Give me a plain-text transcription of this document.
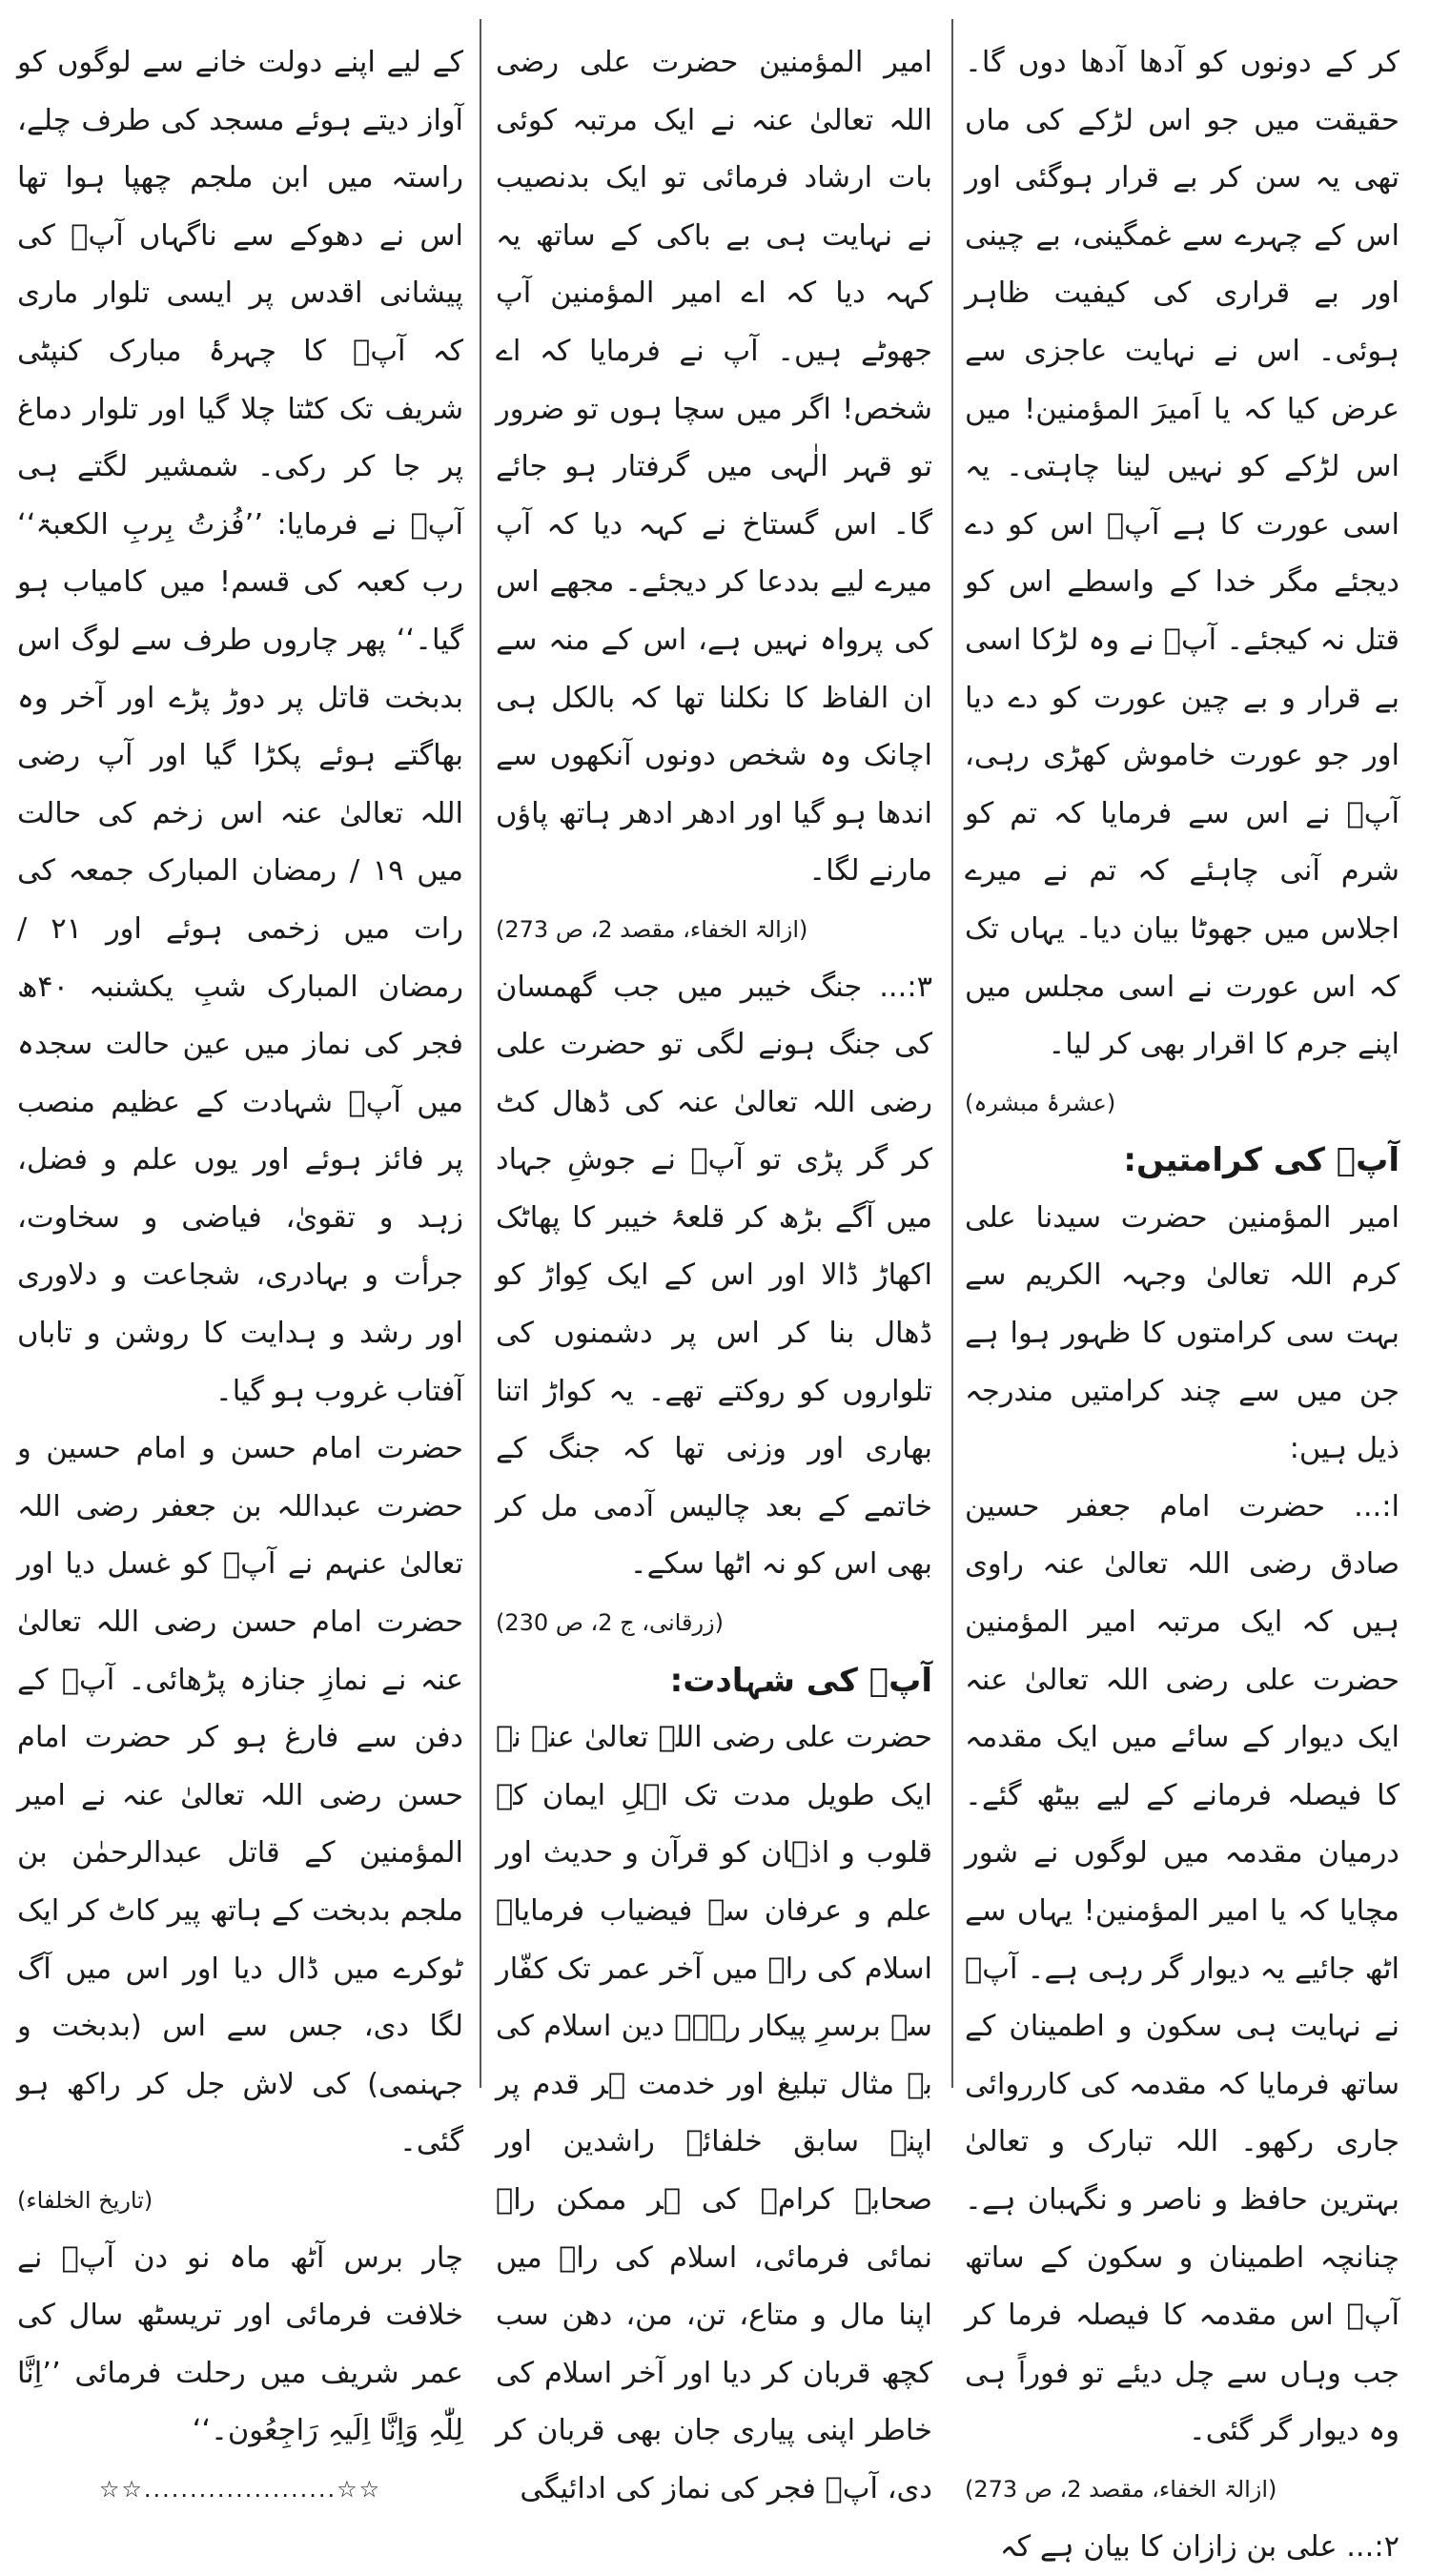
کر کے دونوں کو آدھا آدھا دوں گا۔ حقیقت میں جو اس لڑکے کی ماں تھی یہ سن کر بے قرار ہوگئی اور اس کے چہرے سے غمگینی، بے چینی اور بے قراری کی کیفیت ظاہر ہوئی۔ اس نے نہایت عاجزی سے عرض کیا کہ یا اَمیرَ المؤمنین! میں اس لڑکے کو نہیں لینا چاہتی۔ یہ اسی عورت کا ہے آپؓ اس کو دے دیجئے مگر خدا کے واسطے اس کو قتل نہ کیجئے۔ آپؓ نے وہ لڑکا اسی بے قرار و بے چین عورت کو دے دیا اور جو عورت خاموش کھڑی رہی، آپؓ نے اس سے فرمایا کہ تم کو شرم آنی چاہئے کہ تم نے میرے اجلاس میں جھوٹا بیان دیا۔ یہاں تک کہ اس عورت نے اسی مجلس میں اپنے جرم کا اقرار بھی کر لیا۔

(عشرۂ مبشرہ)

آپؓ کی کرامتیں:

امیر المؤمنین حضرت سیدنا علی کرم اللہ تعالیٰ وجہہ الکریم سے بہت سی کرامتوں کا ظہور ہوا ہے جن میں سے چند کرامتیں مندرجہ ذیل ہیں:

ا:... حضرت امام جعفر حسین صادق رضی اللہ تعالیٰ عنہ راوی ہیں کہ ایک مرتبہ امیر المؤمنین حضرت علی رضی اللہ تعالیٰ عنہ ایک دیوار کے سائے میں ایک مقدمہ کا فیصلہ فرمانے کے لیے بیٹھ گئے۔ درمیان مقدمہ میں لوگوں نے شور مچایا کہ یا امیر المؤمنین! یہاں سے اٹھ جائیے یہ دیوار گر رہی ہے۔ آپؓ نے نہایت ہی سکون و اطمینان کے ساتھ فرمایا کہ مقدمہ کی کارروائی جاری رکھو۔ اللہ تبارک و تعالیٰ بہترین حافظ و ناصر و نگہبان ہے۔ چنانچہ اطمینان و سکون کے ساتھ آپؓ اس مقدمہ کا فیصلہ فرما کر جب وہاں سے چل دیئے تو فوراً ہی وہ دیوار گر گئی۔

(ازالۃ الخفاء، مقصد 2، ص 273)

۲:... علی بن زازان کا بیان ہے کہ

امیر المؤمنین حضرت علی رضی اللہ تعالیٰ عنہ نے ایک مرتبہ کوئی بات ارشاد فرمائی تو ایک بدنصیب نے نہایت ہی بے باکی کے ساتھ یہ کہہ دیا کہ اے امیر المؤمنین آپ جھوٹے ہیں۔ آپ نے فرمایا کہ اے شخص! اگر میں سچا ہوں تو ضرور تو قہر الٰہی میں گرفتار ہو جائے گا۔ اس گستاخ نے کہہ دیا کہ آپ میرے لیے بددعا کر دیجئے۔ مجھے اس کی پرواہ نہیں ہے، اس کے منہ سے ان الفاظ کا نکلنا تھا کہ بالکل ہی اچانک وہ شخص دونوں آنکھوں سے اندھا ہو گیا اور ادھر ادھر ہاتھ پاؤں مارنے لگا۔

(ازالۃ الخفاء، مقصد 2، ص 273)

۳:... جنگ خیبر میں جب گھمسان کی جنگ ہونے لگی تو حضرت علی رضی اللہ تعالیٰ عنہ کی ڈھال کٹ کر گر پڑی تو آپؓ نے جوشِ جہاد میں آگے بڑھ کر قلعۂ خیبر کا پھاٹک اکھاڑ ڈالا اور اس کے ایک کِواڑ کو ڈھال بنا کر اس پر دشمنوں کی تلواروں کو روکتے تھے۔ یہ کواڑ اتنا بھاری اور وزنی تھا کہ جنگ کے خاتمے کے بعد چالیس آدمی مل کر بھی اس کو نہ اٹھا سکے۔

(زرقانی، ج 2، ص 230)

آپؓ کی شہادت:

حضرت علی رضی اللہ تعالیٰ عنہ نے ایک طویل مدت تک اہلِ ایمان کے قلوب و اذہان کو قرآن و حدیث اور علم و عرفان سے فیضیاب فرمایا۔ اسلام کی راہ میں آخر عمر تک کفّار سے برسرِ پیکار رہے۔ دین اسلام کی بے مثال تبلیغ اور خدمت ہر قدم پر اپنے سابق خلفائے راشدین اور صحابہ کرامؓ کی ہر ممکن راہ نمائی فرمائی، اسلام کی راہ میں اپنا مال و متاع، تن، من، دھن سب کچھ قربان کر دیا اور آخر اسلام کی خاطر اپنی پیاری جان بھی قربان کر دی، آپؓ فجر کی نماز کی ادائیگی

کے لیے اپنے دولت خانے سے لوگوں کو آواز دیتے ہوئے مسجد کی طرف چلے، راستہ میں ابن ملجم چھپا ہوا تھا اس نے دھوکے سے ناگہاں آپؓ کی پیشانی اقدس پر ایسی تلوار ماری کہ آپؓ کا چہرۂ مبارک کنپٹی شریف تک کٹتا چلا گیا اور تلوار دماغ پر جا کر رکی۔ شمشیر لگتے ہی آپؓ نے فرمایا: ’’فُزتُ بِربِ الکعبۃ‘‘ رب کعبہ کی قسم! میں کامیاب ہو گیا۔‘‘ پھر چاروں طرف سے لوگ اس بدبخت قاتل پر دوڑ پڑے اور آخر وہ بھاگتے ہوئے پکڑا گیا اور آپ رضی اللہ تعالیٰ عنہ اس زخم کی حالت میں ۱۹ / رمضان المبارک جمعہ کی رات میں زخمی ہوئے اور ۲۱ / رمضان المبارک شبِ یکشنبہ ۴۰ھ فجر کی نماز میں عین حالت سجدہ میں آپؓ شہادت کے عظیم منصب پر فائز ہوئے اور یوں علم و فضل، زہد و تقویٰ، فیاضی و سخاوت، جرأت و بہادری، شجاعت و دلاوری اور رشد و ہدایت کا روشن و تاباں آفتاب غروب ہو گیا۔

حضرت امام حسن و امام حسین و حضرت عبداللہ بن جعفر رضی اللہ تعالیٰ عنہم نے آپؓ کو غسل دیا اور حضرت امام حسن رضی اللہ تعالیٰ عنہ نے نمازِ جنازہ پڑھائی۔ آپؓ کے دفن سے فارغ ہو کر حضرت امام حسن رضی اللہ تعالیٰ عنہ نے امیر المؤمنین کے قاتل عبدالرحمٰن بن ملجم بدبخت کے ہاتھ پیر کاٹ کر ایک ٹوکرے میں ڈال دیا اور اس میں آگ لگا دی، جس سے اس (بدبخت و جہنمی) کی لاش جل کر راکھ ہو گئی۔

(تاریخ الخلفاء)

چار برس آٹھ ماہ نو دن آپؓ نے خلافت فرمائی اور تریسٹھ سال کی عمر شریف میں رحلت فرمائی ’’اِنَّا لِلّٰہِ وَاِنَّا اِلَیہِ رَاجِعُون۔‘‘

☆☆.....................☆☆
